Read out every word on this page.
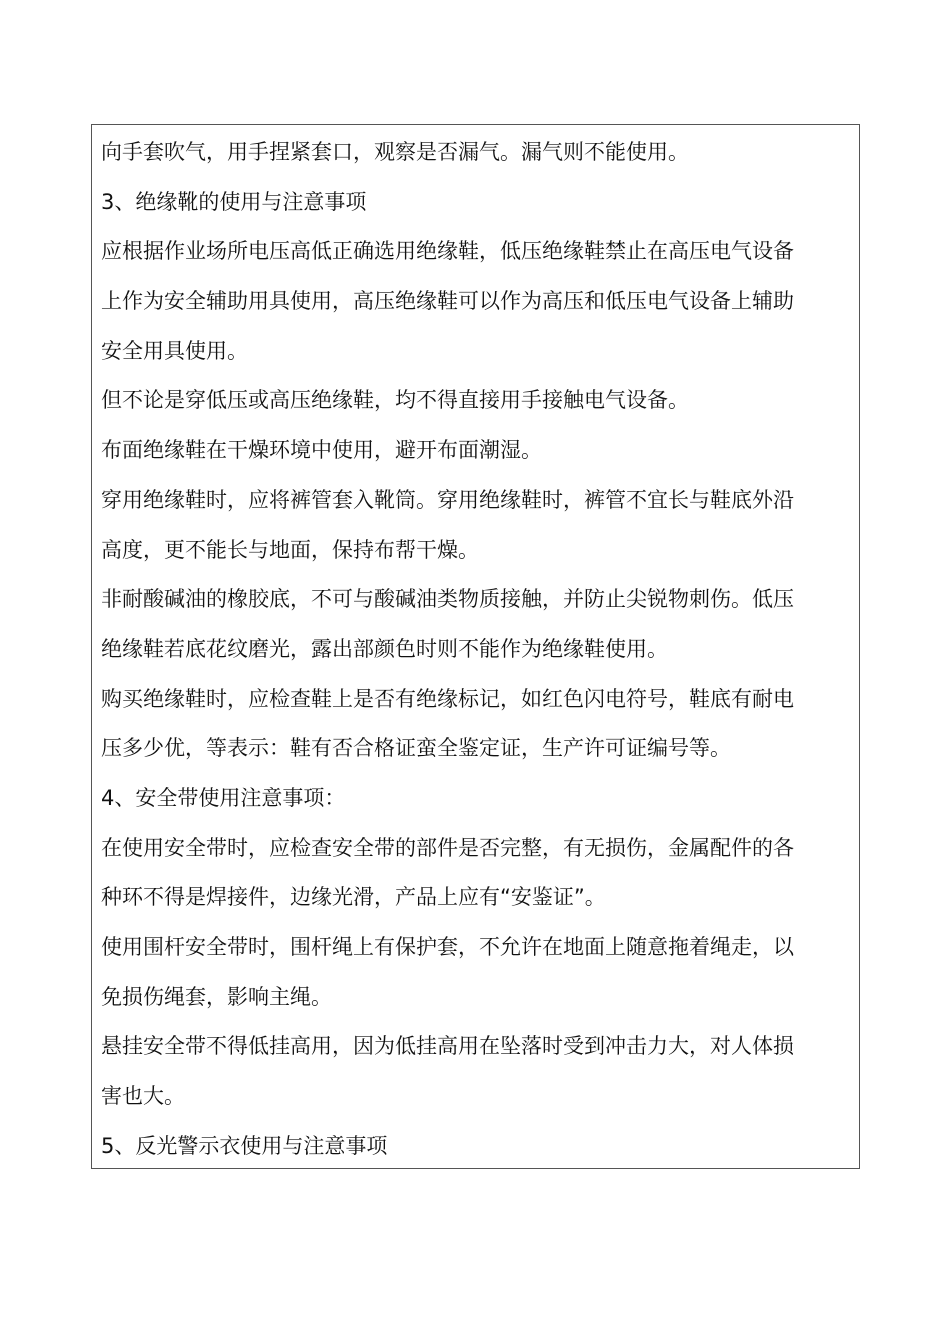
向手套吹气，用手捏紧套口，观察是否漏气。漏气则不能使用。
3、绝缘靴的使用与注意事项
应根据作业场所电压高低正确选用绝缘鞋，低压绝缘鞋禁止在高压电气设备
上作为安全辅助用具使用，高压绝缘鞋可以作为高压和低压电气设备上辅助
安全用具使用。
但不论是穿低压或高压绝缘鞋，均不得直接用手接触电气设备。
布面绝缘鞋在干燥环境中使用，避开布面潮湿。
穿用绝缘鞋时，应将裤管套入靴筒。穿用绝缘鞋时，裤管不宜长与鞋底外沿
高度，更不能长与地面，保持布帮干燥。
非耐酸碱油的橡胶底，不可与酸碱油类物质接触，并防止尖锐物刺伤。低压
绝缘鞋若底花纹磨光，露出部颜色时则不能作为绝缘鞋使用。
购买绝缘鞋时，应检查鞋上是否有绝缘标记，如红色闪电符号，鞋底有耐电
压多少优，等表示：鞋有否合格证蛮全鉴定证，生产许可证编号等。
4、安全带使用注意事项：
在使用安全带时，应检查安全带的部件是否完整，有无损伤，金属配件的各
种环不得是焊接件，边缘光滑，产品上应有“安鉴证”。
使用围杆安全带时，围杆绳上有保护套，不允许在地面上随意拖着绳走，以
免损伤绳套，影响主绳。
悬挂安全带不得低挂高用，因为低挂高用在坠落时受到冲击力大，对人体损
害也大。
5、反光警示衣使用与注意事项
